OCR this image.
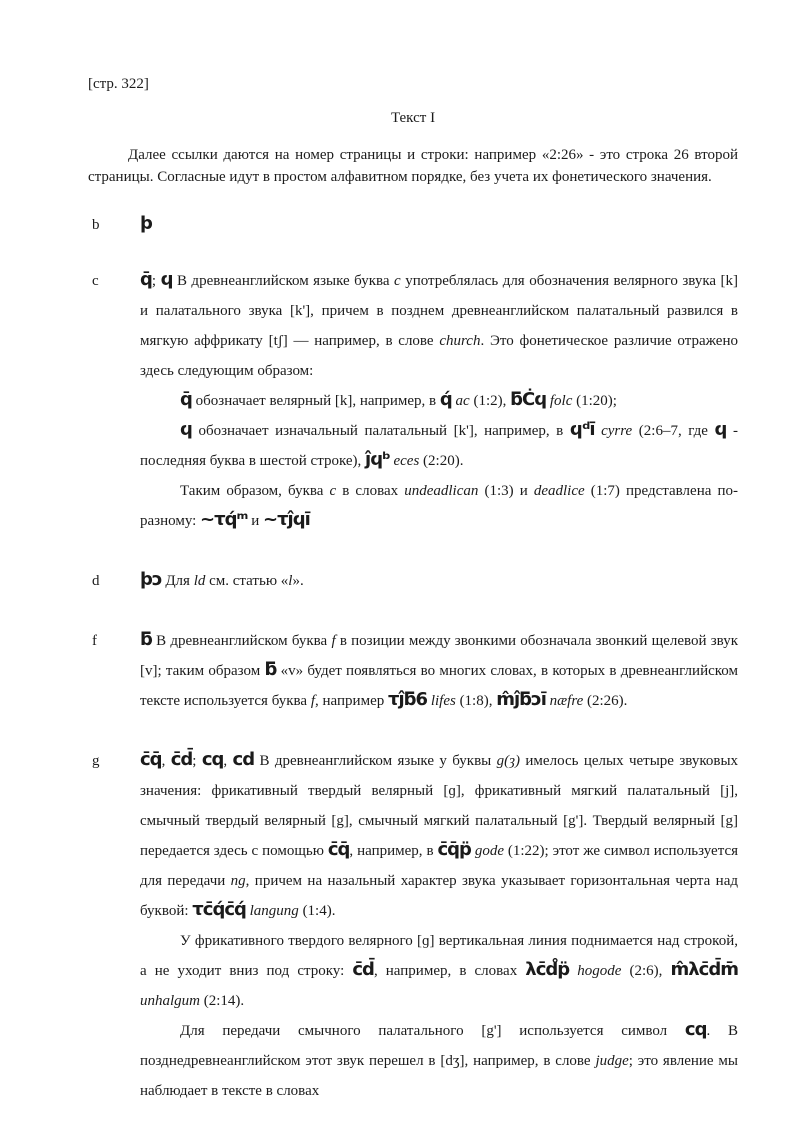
[стр. 322]
Текст I

Далее ссылки даются на номер страницы и строки: например «2:26» - это строка 26 второй страницы. Согласные идут в простом алфавитном порядке, без учета их фонетического значения.

b ϸ

c q̄; ϥ В древнеанглийском языке буква c употреблялась для обозначения велярного звука [k] и палатального звука [k'], причем в позднем древнеанглийском палатальный развился в мягкую аффрикату [tʃ] — например, в слове church. Это фонетическое различие отражено здесь следующим образом:

q̄ обозначает велярный [k], например, в q́ ac (1:2), ƃĊϥ folc (1:20);

ϥ обозначает изначальный палатальный [k'], например, в ϥᵈī cyrre (2:6–7, где ϥ - последняя буква в шестой строке), ĵϥᵇ eces (2:20).

Таким образом, буква c в словах undeadlican (1:3) и deadlice (1:7) представлена по-разному: ~τq́ᵐ и ~τĵϥī

d ϸɔ Для ld см. статью «l».

f ƃ В древнеанглийском буква f в позиции между звонкими обозначала звонкий щелевой звук [v]; таким образом ƃ «v» будет появляться во многих словах, в которых в древнеанглийском тексте используется буква f, например τĵƃ6 lifes (1:8), m̂ĵƃɔī næfre (2:26).

g c̄q̄, c̄d̄; cq, cd В древнеанглийском языке у буквы g(ȝ) имелось целых четыре звуковых значения: фрикативный твердый велярный [ɡ], фрикативный мягкий палатальный [j], смычный твердый велярный [g], смычный мягкий палатальный [g']. Твердый велярный [g] передается здесь с помощью c̄q̄, например, в c̄q̄p̈ gode (1:22); этот же символ используется для передачи ng, причем на назальный характер звука указывает горизонтальная черта над буквой: τc̄q́c̄q́ langung (1:4).

У фрикативного твердого велярного [ɡ] вертикальная линия поднимается над строкой, а не уходит вниз под строку: c̄d̄, например, в словах λc̄d̊p̈ hogode (2:6), m̂λc̄d̄m̄ unhalgum (2:14).

Для передачи смычного палатального [g'] используется символ cq. В позднедревнеанглийском этот звук перешел в [dʒ], например, в слове judge; это явление мы наблюдает в тексте в словах
